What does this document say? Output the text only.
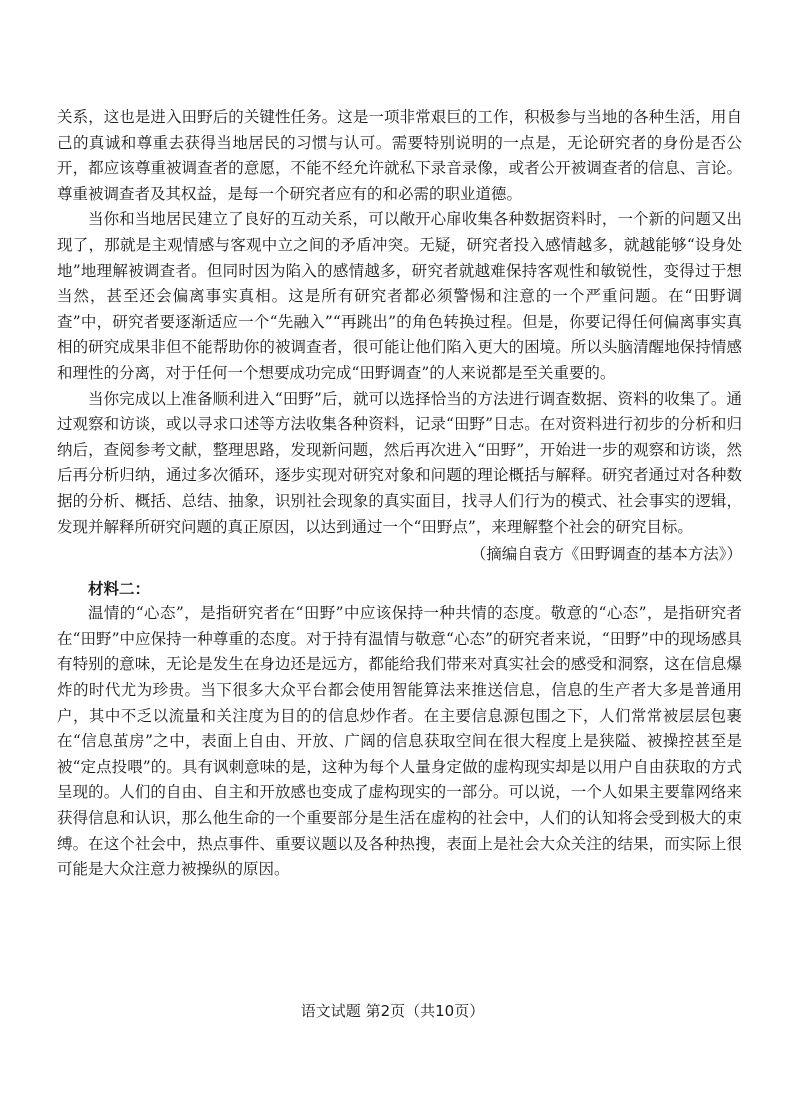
关系，这也是进入田野后的关键性任务。这是一项非常艰巨的工作，积极参与当地的各种生活，用自己的真诚和尊重去获得当地居民的习惯与认可。需要特别说明的一点是，无论研究者的身份是否公开，都应该尊重被调查者的意愿，不能不经允许就私下录音录像，或者公开被调查者的信息、言论。尊重被调查者及其权益，是每一个研究者应有的和必需的职业道德。

当你和当地居民建立了良好的互动关系，可以敞开心扉收集各种数据资料时，一个新的问题又出现了，那就是主观情感与客观中立之间的矛盾冲突。无疑，研究者投入感情越多，就越能够“设身处地”地理解被调查者。但同时因为陷入的感情越多，研究者就越难保持客观性和敏锐性，变得过于想当然，甚至还会偏离事实真相。这是所有研究者都必须警惕和注意的一个严重问题。在“田野调查”中，研究者要逐渐适应一个“先融入”“再跳出”的角色转换过程。但是，你要记得任何偏离事实真相的研究成果非但不能帮助你的被调查者，很可能让他们陷入更大的困境。所以头脑清醒地保持情感和理性的分离，对于任何一个想要成功完成“田野调查”的人来说都是至关重要的。

当你完成以上准备顺利进入“田野”后，就可以选择恰当的方法进行调查数据、资料的收集了。通过观察和访谈，或以寻求口述等方法收集各种资料，记录“田野”日志。在对资料进行初步的分析和归纳后，查阅参考文献，整理思路，发现新问题，然后再次进入“田野”，开始进一步的观察和访谈，然后再分析归纳，通过多次循环，逐步实现对研究对象和问题的理论概括与解释。研究者通过对各种数据的分析、概括、总结、抽象，识别社会现象的真实面目，找寻人们行为的模式、社会事实的逻辑，发现并解释所研究问题的真正原因，以达到通过一个“田野点”，来理解整个社会的研究目标。

（摘编自袁方《田野调查的基本方法》）

材料二：

温情的“心态”，是指研究者在“田野”中应该保持一种共情的态度。敬意的“心态”，是指研究者在“田野”中应保持一种尊重的态度。对于持有温情与敬意“心态”的研究者来说，“田野”中的现场感具有特别的意味，无论是发生在身边还是远方，都能给我们带来对真实社会的感受和洞察，这在信息爆炸的时代尤为珍贵。当下很多大众平台都会使用智能算法来推送信息，信息的生产者大多是普通用户，其中不乏以流量和关注度为目的的信息炒作者。在主要信息源包围之下，人们常常被层层包裹在“信息茧房”之中，表面上自由、开放、广阔的信息获取空间在很大程度上是狭隘、被操控甚至是被“定点投喂”的。具有讽刺意味的是，这种为每个人量身定做的虚构现实却是以用户自由获取的方式呈现的。人们的自由、自主和开放感也变成了虚构现实的一部分。可以说，一个人如果主要靠网络来获得信息和认识，那么他生命的一个重要部分是生活在虚构的社会中，人们的认知将会受到极大的束缚。在这个社会中，热点事件、重要议题以及各种热搜，表面上是社会大众关注的结果，而实际上很可能是大众注意力被操纵的原因。

语文试题 第2页（共10页）
